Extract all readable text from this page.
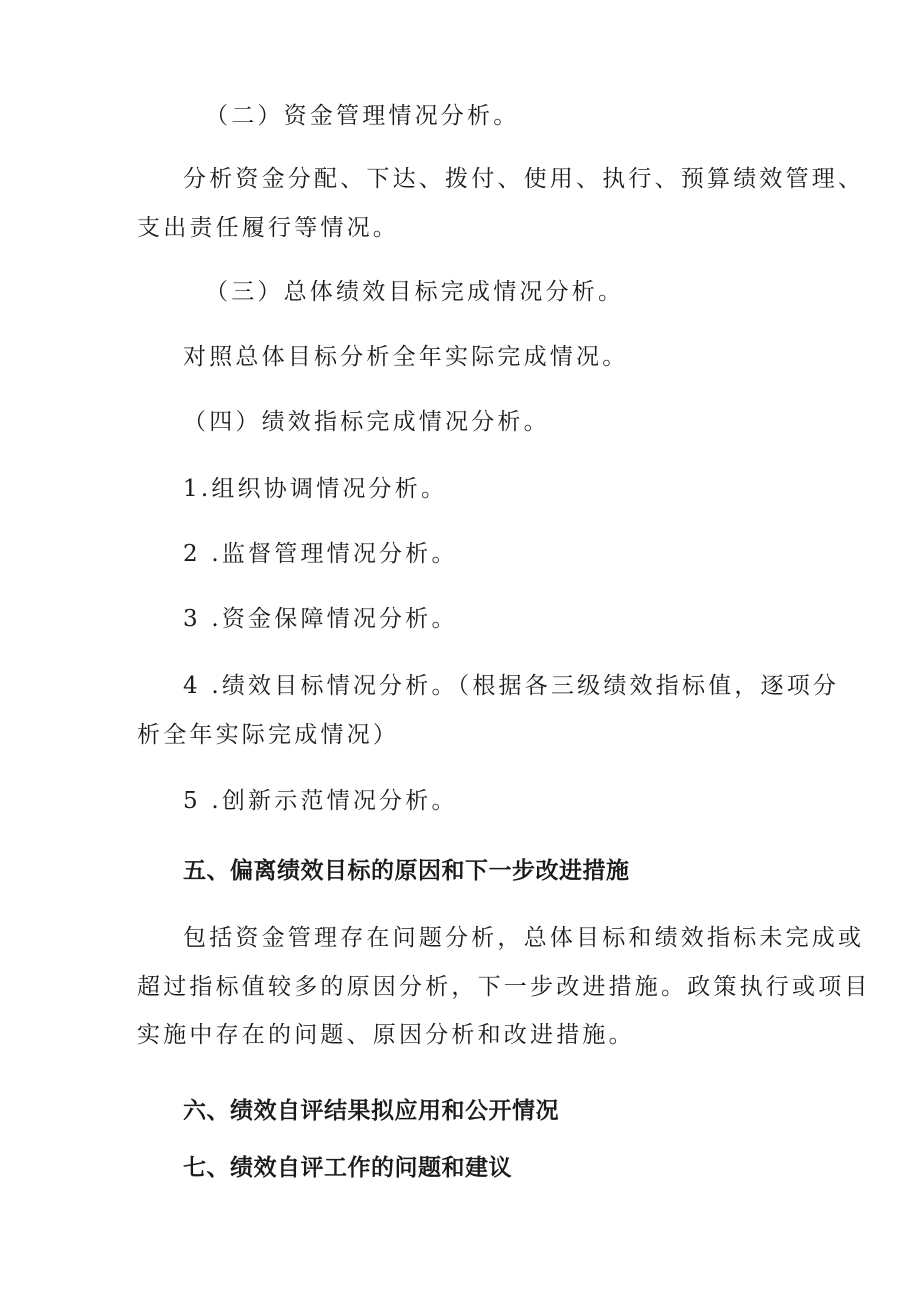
（二）资金管理情况分析。

分析资金分配、下达、拨付、使用、执行、预算绩效管理、

支出责任履行等情况。

（三）总体绩效目标完成情况分析。

对照总体目标分析全年实际完成情况。

（四）绩效指标完成情况分析。

1.组织协调情况分析。

2 .监督管理情况分析。

3 .资金保障情况分析。

4 .绩效目标情况分析。（根据各三级绩效指标值，逐项分

析全年实际完成情况）

5 .创新示范情况分析。

五、偏离绩效目标的原因和下一步改进措施

包括资金管理存在问题分析，总体目标和绩效指标未完成或

超过指标值较多的原因分析，下一步改进措施。政策执行或项目

实施中存在的问题、原因分析和改进措施。

六、绩效自评结果拟应用和公开情况

七、绩效自评工作的问题和建议
